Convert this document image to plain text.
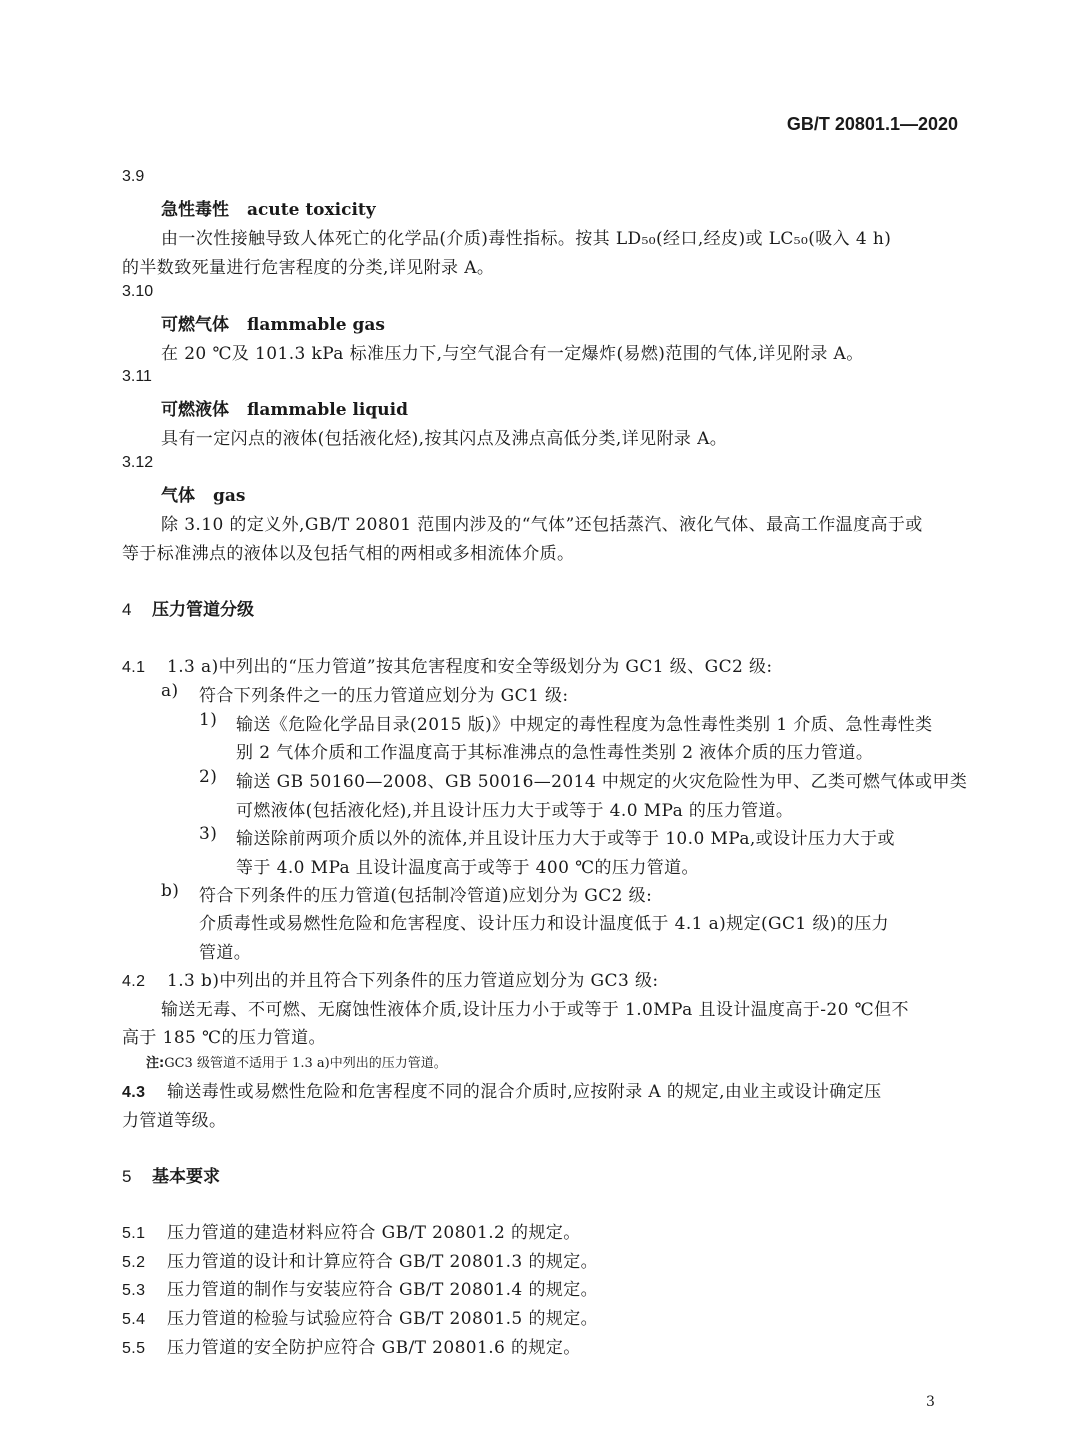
GB/T 20801.1—2020
3.9
急性毒性 acute toxicity
由一次性接触导致人体死亡的化学品(介质)毒性指标。按其 LD₅₀(经口,经皮)或 LC₅₀(吸入 4 h)
的半数致死量进行危害程度的分类,详见附录 A。
3.10
可燃气体 flammable gas
在 20 ℃及 101.3 kPa 标准压力下,与空气混合有一定爆炸(易燃)范围的气体,详见附录 A。
3.11
可燃液体 flammable liquid
具有一定闪点的液体(包括液化烃),按其闪点及沸点高低分类,详见附录 A。
3.12
气体 gas
除 3.10 的定义外,GB/T 20801 范围内涉及的“气体”还包括蒸汽、液化气体、最高工作温度高于或
等于标准沸点的液体以及包括气相的两相或多相流体介质。
4 压力管道分级
4.1 1.3 a)中列出的“压力管道”按其危害程度和安全等级划分为 GC1 级、GC2 级:
a) 符合下列条件之一的压力管道应划分为 GC1 级:
1) 输送《危险化学品目录(2015 版)》中规定的毒性程度为急性毒性类别 1 介质、急性毒性类
别 2 气体介质和工作温度高于其标准沸点的急性毒性类别 2 液体介质的压力管道。
2) 输送 GB 50160—2008、GB 50016—2014 中规定的火灾危险性为甲、乙类可燃气体或甲类
可燃液体(包括液化烃),并且设计压力大于或等于 4.0 MPa 的压力管道。
3) 输送除前两项介质以外的流体,并且设计压力大于或等于 10.0 MPa,或设计压力大于或
等于 4.0 MPa 且设计温度高于或等于 400 ℃的压力管道。
b) 符合下列条件的压力管道(包括制冷管道)应划分为 GC2 级:
介质毒性或易燃性危险和危害程度、设计压力和设计温度低于 4.1 a)规定(GC1 级)的压力
管道。
4.2 1.3 b)中列出的并且符合下列条件的压力管道应划分为 GC3 级:
输送无毒、不可燃、无腐蚀性液体介质,设计压力小于或等于 1.0MPa 且设计温度高于-20 ℃但不
高于 185 ℃的压力管道。
注:GC3 级管道不适用于 1.3 a)中列出的压力管道。
4.3 输送毒性或易燃性危险和危害程度不同的混合介质时,应按附录 A 的规定,由业主或设计确定压
力管道等级。
5 基本要求
5.1 压力管道的建造材料应符合 GB/T 20801.2 的规定。
5.2 压力管道的设计和计算应符合 GB/T 20801.3 的规定。
5.3 压力管道的制作与安装应符合 GB/T 20801.4 的规定。
5.4 压力管道的检验与试验应符合 GB/T 20801.5 的规定。
5.5 压力管道的安全防护应符合 GB/T 20801.6 的规定。
3
